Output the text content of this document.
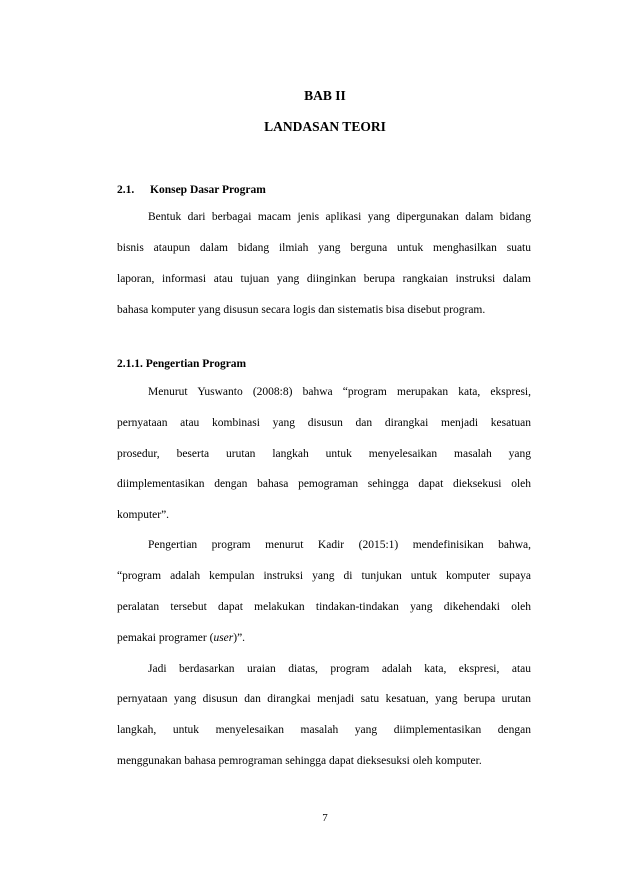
BAB II
LANDASAN TEORI
2.1. Konsep Dasar Program
Bentuk dari berbagai macam jenis aplikasi yang dipergunakan dalam bidang
bisnis ataupun dalam bidang ilmiah yang berguna untuk menghasilkan suatu
laporan, informasi atau tujuan yang diinginkan berupa rangkaian instruksi dalam
bahasa komputer yang disusun secara logis dan sistematis bisa disebut program.
2.1.1. Pengertian Program
Menurut Yuswanto (2008:8) bahwa “program merupakan kata, ekspresi,
pernyataan atau kombinasi yang disusun dan dirangkai menjadi kesatuan
prosedur, beserta urutan langkah untuk menyelesaikan masalah yang
diimplementasikan dengan bahasa pemograman sehingga dapat dieksekusi oleh
komputer”.
Pengertian program menurut Kadir (2015:1) mendefinisikan bahwa,
“program adalah kempulan instruksi yang di tunjukan untuk komputer supaya
peralatan tersebut dapat melakukan tindakan-tindakan yang dikehendaki oleh
pemakai programer (user)”.
Jadi berdasarkan uraian diatas, program adalah kata, ekspresi, atau
pernyataan yang disusun dan dirangkai menjadi satu kesatuan, yang berupa urutan
langkah, untuk menyelesaikan masalah yang diimplementasikan dengan
menggunakan bahasa pemrograman sehingga dapat dieksesuksi oleh komputer.
7
